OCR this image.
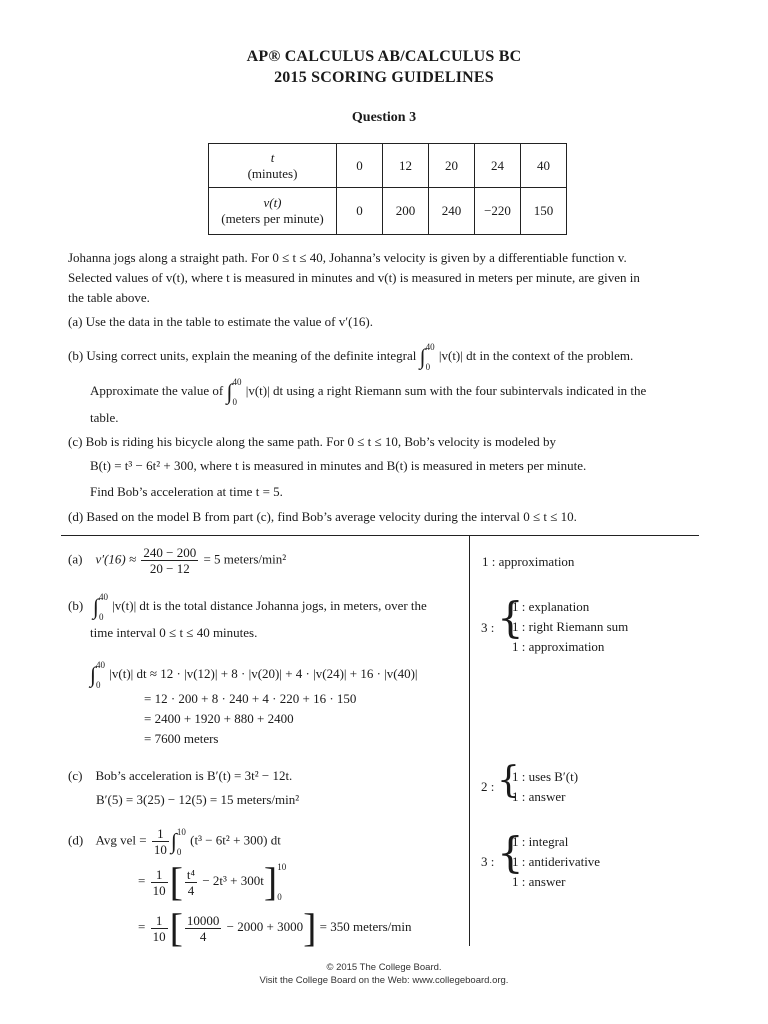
AP® CALCULUS AB/CALCULUS BC
2015 SCORING GUIDELINES
Question 3
t
(minutes)	0	12	20	24	40

v(t)
(meters per minute)	0	200	240	−220	150
Johanna jogs along a straight path. For 0 ≤ t ≤ 40, Johanna’s velocity is given by a differentiable function v.
Selected values of v(t), where t is measured in minutes and v(t) is measured in meters per minute, are given in
the table above.
(a) Use the data in the table to estimate the value of v′(16).
(b) Using correct units, explain the meaning of the definite integral ∫ 40
0
|v(t)| dt in the context of the problem.
Approximate the value of ∫ 40
0
|v(t)| dt using a right Riemann sum with the four subintervals indicated in the
table.
(c) Bob is riding his bicycle along the same path. For 0 ≤ t ≤ 10, Bob’s velocity is modeled by
B(t) = t³ − 6t² + 300, where t is measured in minutes and B(t) is measured in meters per minute.
Find Bob’s acceleration at time t = 5.
(d) Based on the model B from part (c), find Bob’s average velocity during the interval 0 ≤ t ≤ 10.
(a) $v'(16) \approx \frac{240 - 200}{20 - 12} = 5$ meters/min²	1 : approximation
(b) ∫ 40
0
|v(t)| dt is the total distance Johanna jogs, in meters, over the
time interval 0 ≤ t ≤ 40 minutes.
∫ 40
0
|v(t)| dt ≈ 12 · |v(12)| + 8 · |v(20)| + 4 · |v(24)| + 16 · |v(40)|
= 12 · 200 + 8 · 240 + 4 · 220 + 16 · 150
= 2400 + 1920 + 880 + 2400
= 7600 meters
3 : {
1 : explanation
1 : right Riemann sum
1 : approximation
(c) Bob’s acceleration is B′(t) = 3t² − 12t.
B′(5) = 3(25) − 12(5) = 15 meters/min²
2 : {
1 : uses B′(t)
1 : answer
(d) Avg vel = $\frac{1}{10}$ ∫ 10
0
(t³ − 6t² + 300) dt
= $\frac{1}{10}$ [ $\frac{\text{t⁴}}{4} - 2t^3 + 300t$] 10
0
= $\frac{1}{10}$ [ $\frac{10000}{4} - 2000 + 3000] = 350$ meters/min
3 : {
1 : integral
1 : antiderivative
1 : answer
© 2015 The College Board.
Visit the College Board on the Web: www.collegeboard.org.
